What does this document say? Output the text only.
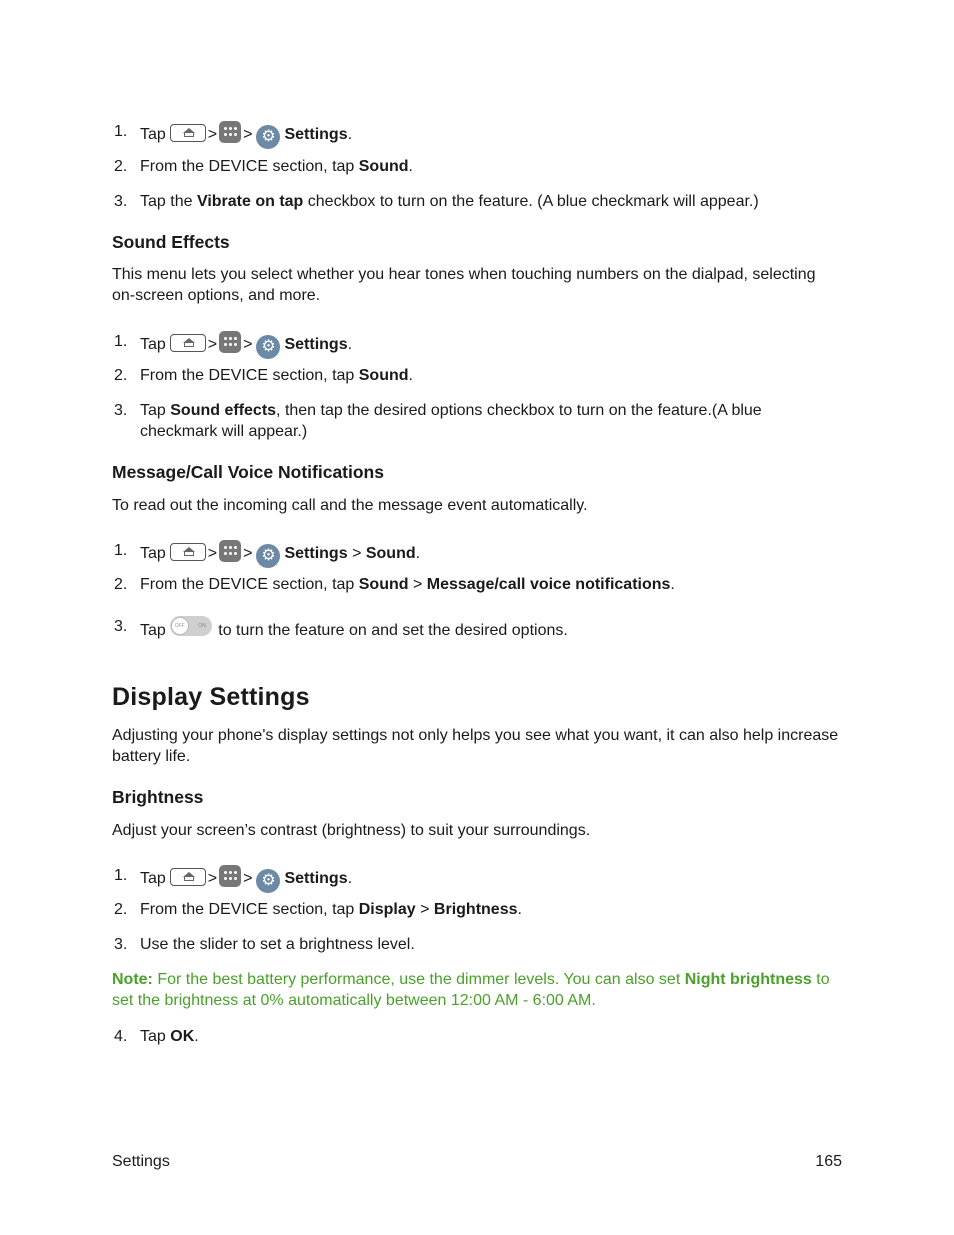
1. Tap	> > ⚙ Settings.
2. From the DEVICE section, tap Sound.
3. Tap the Vibrate on tap checkbox to turn on the feature. (A blue checkmark will appear.)
Sound Effects
This menu lets you select whether you hear tones when touching numbers on the dialpad, selecting on-screen options, and more.
1. Tap	> > ⚙ Settings.
2. From the DEVICE section, tap Sound.
3. Tap Sound effects, then tap the desired options checkbox to turn on the feature.(A blue checkmark will appear.)
Message/Call Voice Notifications
To read out the incoming call and the message event automatically.
1. Tap	> > ⚙ Settings > Sound.
2. From the DEVICE section, tap Sound > Message/call voice notifications.
3. Tap	OFF	ON to turn the feature on and set the desired options.
Display Settings
Adjusting your phone's display settings not only helps you see what you want, it can also help increase battery life.
Brightness
Adjust your screen’s contrast (brightness) to suit your surroundings.
1. Tap	> > ⚙ Settings.
2. From the DEVICE section, tap Display > Brightness.
3. Use the slider to set a brightness level.
Note: For the best battery performance, use the dimmer levels. You can also set Night brightness to set the brightness at 0% automatically between 12:00 AM - 6:00 AM.
4. Tap OK.
Settings	165
